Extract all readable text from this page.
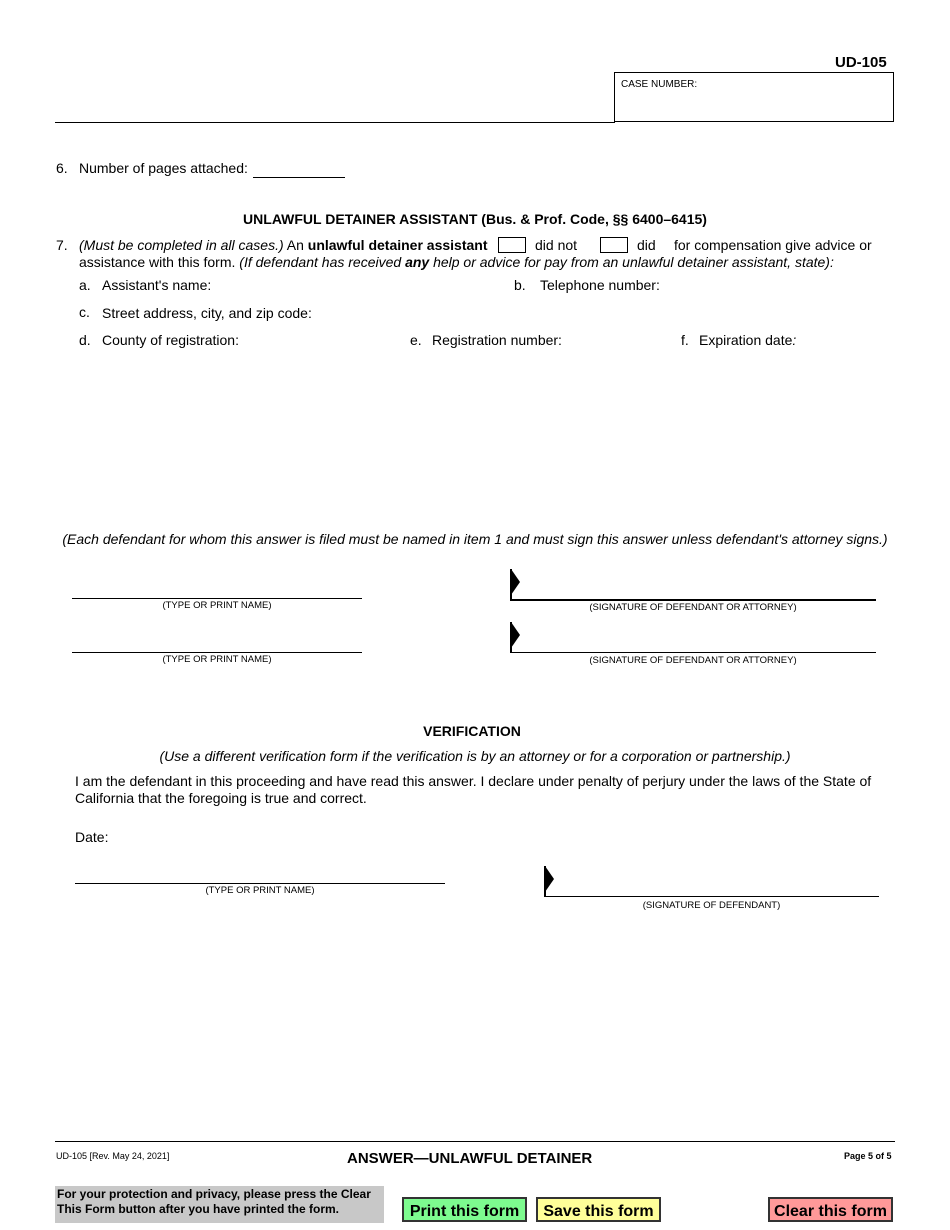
UD-105
CASE NUMBER:
6. Number of pages attached:
UNLAWFUL DETAINER ASSISTANT (Bus. & Prof. Code, §§ 6400–6415)
7. (Must be completed in all cases.) An unlawful detainer assistant	did not	did for compensation give advice or
assistance with this form. (If defendant has received any help or advice for pay from an unlawful detainer assistant, state):
a. Assistant's name:	b. Telephone number:
c. Street address, city, and zip code:
d. County of registration:	e. Registration number:	f. Expiration date:
(Each defendant for whom this answer is filed must be named in item 1 and must sign this answer unless defendant's attorney signs.)
(TYPE OR PRINT NAME)	(SIGNATURE OF DEFENDANT OR ATTORNEY)
(TYPE OR PRINT NAME)	(SIGNATURE OF DEFENDANT OR ATTORNEY)
VERIFICATION
(Use a different verification form if the verification is by an attorney or for a corporation or partnership.)
I am the defendant in this proceeding and have read this answer. I declare under penalty of perjury under the laws of the State of California that the foregoing is true and correct.
Date:
(TYPE OR PRINT NAME)
(SIGNATURE OF DEFENDANT)
UD-105 [Rev. May 24, 2021]	ANSWER—UNLAWFUL DETAINER	Page 5 of 5
For your protection and privacy, please press the Clear This Form button after you have printed the form.	Print this form	Save this form	Clear this form
